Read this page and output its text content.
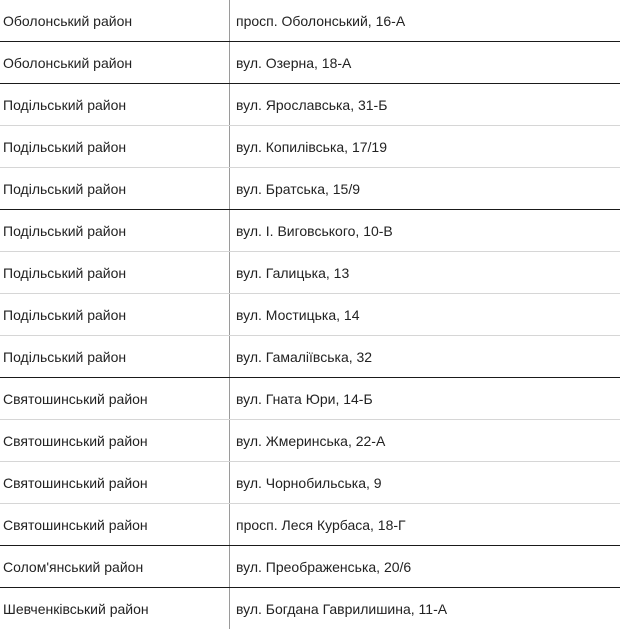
Оболонський район	просп. Оболонський, 16-А
Оболонський район	вул. Озерна, 18-А
Подільський район	вул. Ярославська, 31-Б
Подільський район	вул. Копилівська, 17/19
Подільський район	вул. Братська, 15/9
Подільський район	вул. І. Виговського, 10-В
Подільський район	вул. Галицька, 13
Подільський район	вул. Мостицька, 14
Подільський район	вул. Гамаліївська, 32
Святошинський район	вул. Гната Юри, 14-Б
Святошинський район	вул. Жмеринська, 22-А
Святошинський район	вул. Чорнобильська, 9
Святошинський район	просп. Леся Курбаса, 18-Г
Солом'янський район	вул. Преображенська, 20/6
Шевченківський район	вул. Богдана Гаврилишина, 11-А
